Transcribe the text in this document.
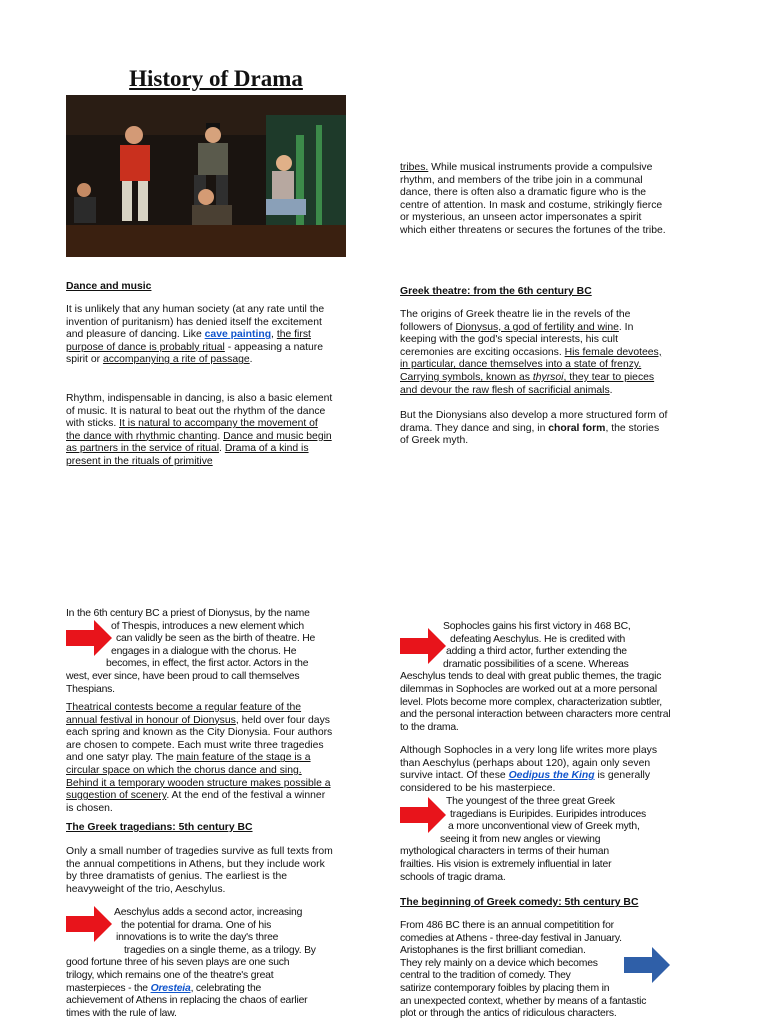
History of Drama
Dance and music

It is unlikely that any human society (at any rate until the invention of puritanism) has denied itself the excitement and pleasure of dancing. Like cave painting, the first purpose of dance is probably ritual - appeasing a nature spirit or accompanying a rite of passage.

Rhythm, indispensable in dancing, is also a basic element of music. It is natural to beat out the rhythm of the dance with sticks. It is natural to accompany the movement of the dance with rhythmic chanting. Dance and music begin as partners in the service of ritual. Drama of a kind is present in the rituals of primitive

In the 6th century BC a priest of Dionysus, by the name
of Thespis, introduces a new element which
can validly be seen as the birth of theatre. He
engages in a dialogue with the chorus. He
becomes, in effect, the first actor. Actors in the
west, ever since, have been proud to call themselves
Thespians.

Theatrical contests become a regular feature of the annual festival in honour of Dionysus, held over four days each spring and known as the City Dionysia. Four authors are chosen to compete. Each must write three tragedies and one satyr play. The main feature of the stage is a circular space on which the chorus dance and sing. Behind it a temporary wooden structure makes possible a suggestion of scenery. At the end of the festival a winner is chosen.

The Greek tragedians: 5th century BC

Only a small number of tragedies survive as full texts from the annual competitions in Athens, but they include work by three dramatists of genius. The earliest is the heavyweight of the trio, Aeschylus.

Aeschylus adds a second actor, increasing
the potential for drama. One of his
innovations is to write the day's three
tragedies on a single theme, as a trilogy. By
good fortune three of his seven plays are one such
trilogy, which remains one of the theatre's great
masterpieces - the Oresteia, celebrating the
achievement of Athens in replacing the chaos of earlier
times with the rule of law.

tribes. While musical instruments provide a compulsive rhythm, and members of the tribe join in a communal dance, there is often also a dramatic figure who is the centre of attention. In mask and costume, strikingly fierce or mysterious, an unseen actor impersonates a spirit which either threatens or secures the fortunes of the tribe.

Greek theatre: from the 6th century BC

The origins of Greek theatre lie in the revels of the followers of Dionysus, a god of fertility and wine. In keeping with the god's special interests, his cult ceremonies are exciting occasions. His female devotees, in particular, dance themselves into a state of frenzy. Carrying symbols, known as thyrsoi, they tear to pieces and devour the raw flesh of sacrificial animals.

But the Dionysians also develop a more structured form of drama. They dance and sing, in choral form, the stories of Greek myth.

Sophocles gains his first victory in 468 BC,
defeating Aeschylus. He is credited with
adding a third actor, further extending the
dramatic possibilities of a scene. Whereas
Aeschylus tends to deal with great public themes, the tragic dilemmas in Sophocles are worked out at a more personal level. Plots become more complex, characterization subtler, and the personal interaction between characters more central to the drama.

Although Sophocles in a very long life writes more plays than Aeschylus (perhaps about 120), again only seven survive intact. Of these Oedipus the King is generally considered to be his masterpiece.

The youngest of the three great Greek
tragedians is Euripides. Euripides introduces
a more unconventional view of Greek myth,
seeing it from new angles or viewing
mythological characters in terms of their human
frailties. His vision is extremely influential in later
schools of tragic drama.
The beginning of Greek comedy: 5th century BC
From 486 BC there is an annual competitition for
comedies at Athens - three-day festival in January.
Aristophanes is the first brilliant comedian.
They rely mainly on a device which becomes
central to the tradition of comedy. They
satirize contemporary foibles by placing them in
an unexpected context, whether by means of a fantastic
plot or through the antics of ridiculous characters.
